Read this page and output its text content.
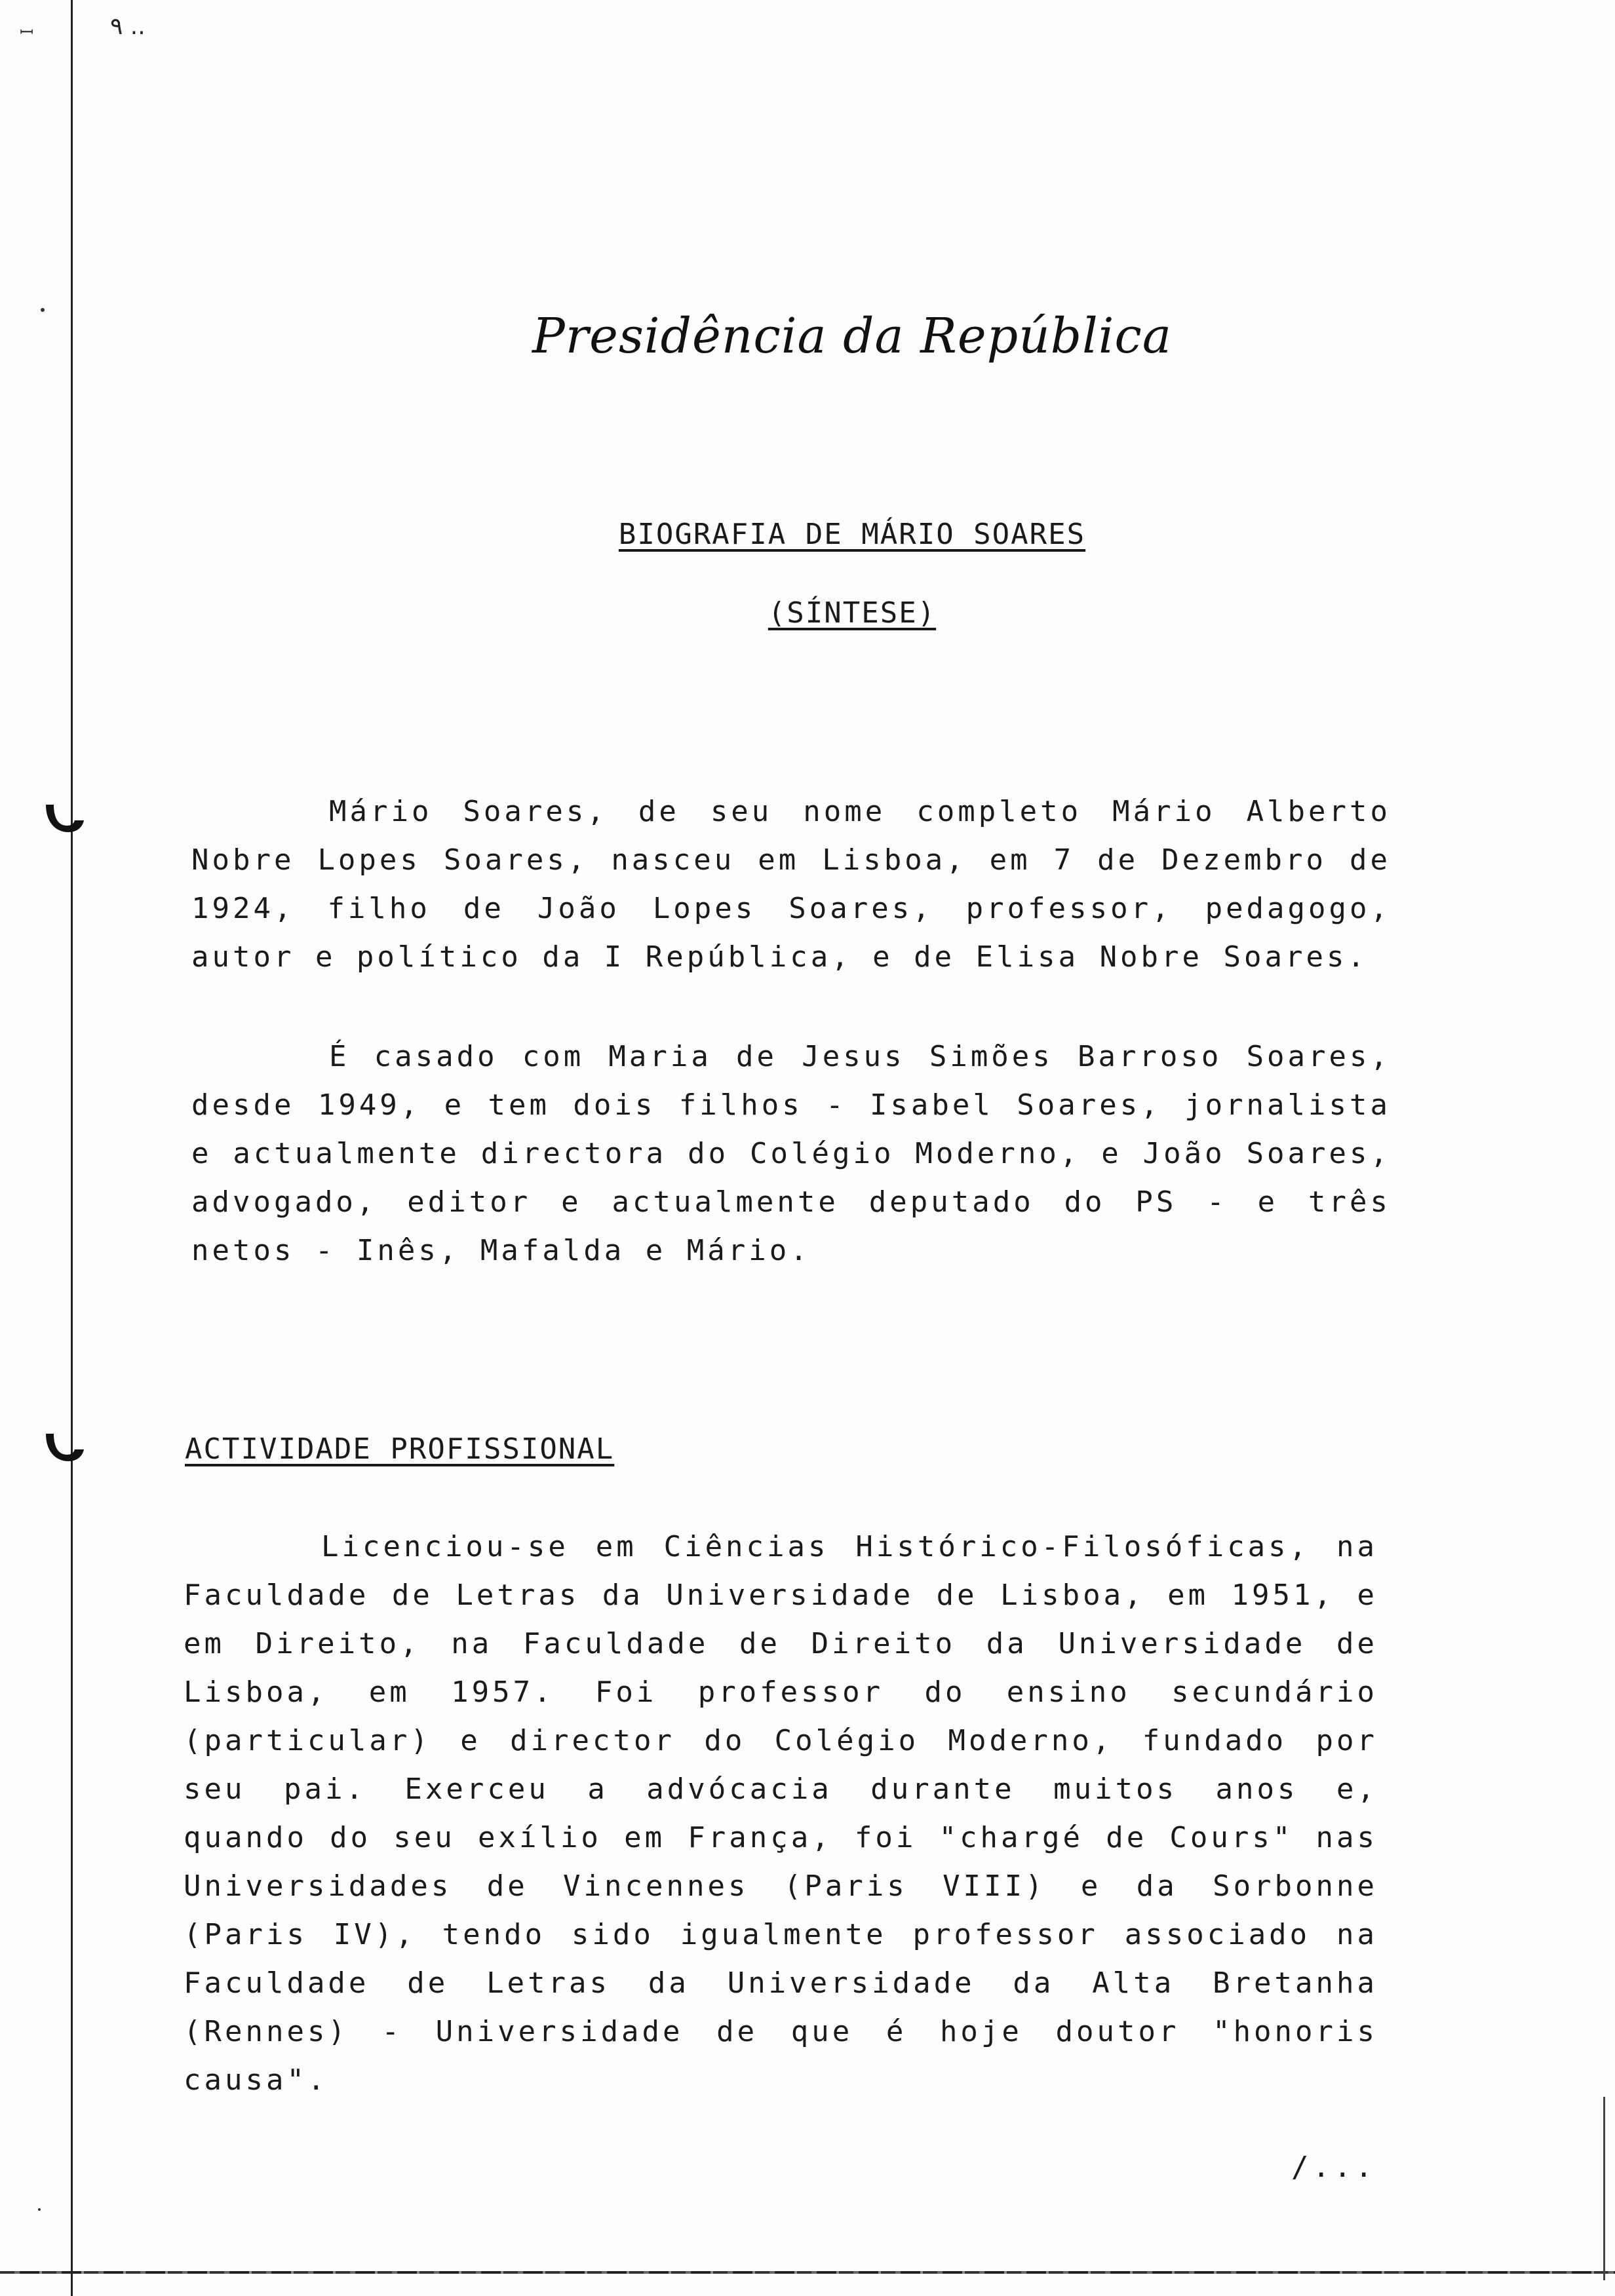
ꟷ	٩ ..
Presidência da República
BIOGRAFIA DE MÁRIO SOARES
(SÍNTESE)

Mário Soares, de seu nome completo Mário Alberto Nobre Lopes Soares, nasceu em Lisboa, em 7 de Dezembro de 1924, filho de João Lopes Soares, professor, pedagogo, autor e político da I República, e de Elisa Nobre Soares.

É casado com Maria de Jesus Simões Barroso Soares, desde 1949, e tem dois filhos - Isabel Soares, jornalista e actualmente directora do Colégio Moderno, e João Soares, advogado, editor e actualmente deputado do PS - e três netos - Inês, Mafalda e Mário.

ACTIVIDADE PROFISSIONAL

Licenciou-se em Ciências Histórico-Filosóficas, na Faculdade de Letras da Universidade de Lisboa, em 1951, e em Direito, na Faculdade de Direito da Universidade de Lisboa, em 1957. Foi professor do ensino secundário (particular) e director do Colégio Moderno, fundado por seu pai. Exerceu a advócacia durante muitos anos e, quando do seu exílio em França, foi "chargé de Cours" nas Universidades de Vincennes (Paris VIII) e da Sorbonne (Paris IV), tendo sido igualmente professor associado na Faculdade de Letras da Universidade da Alta Bretanha (Rennes) - Universidade de que é hoje doutor "honoris causa".

/...
